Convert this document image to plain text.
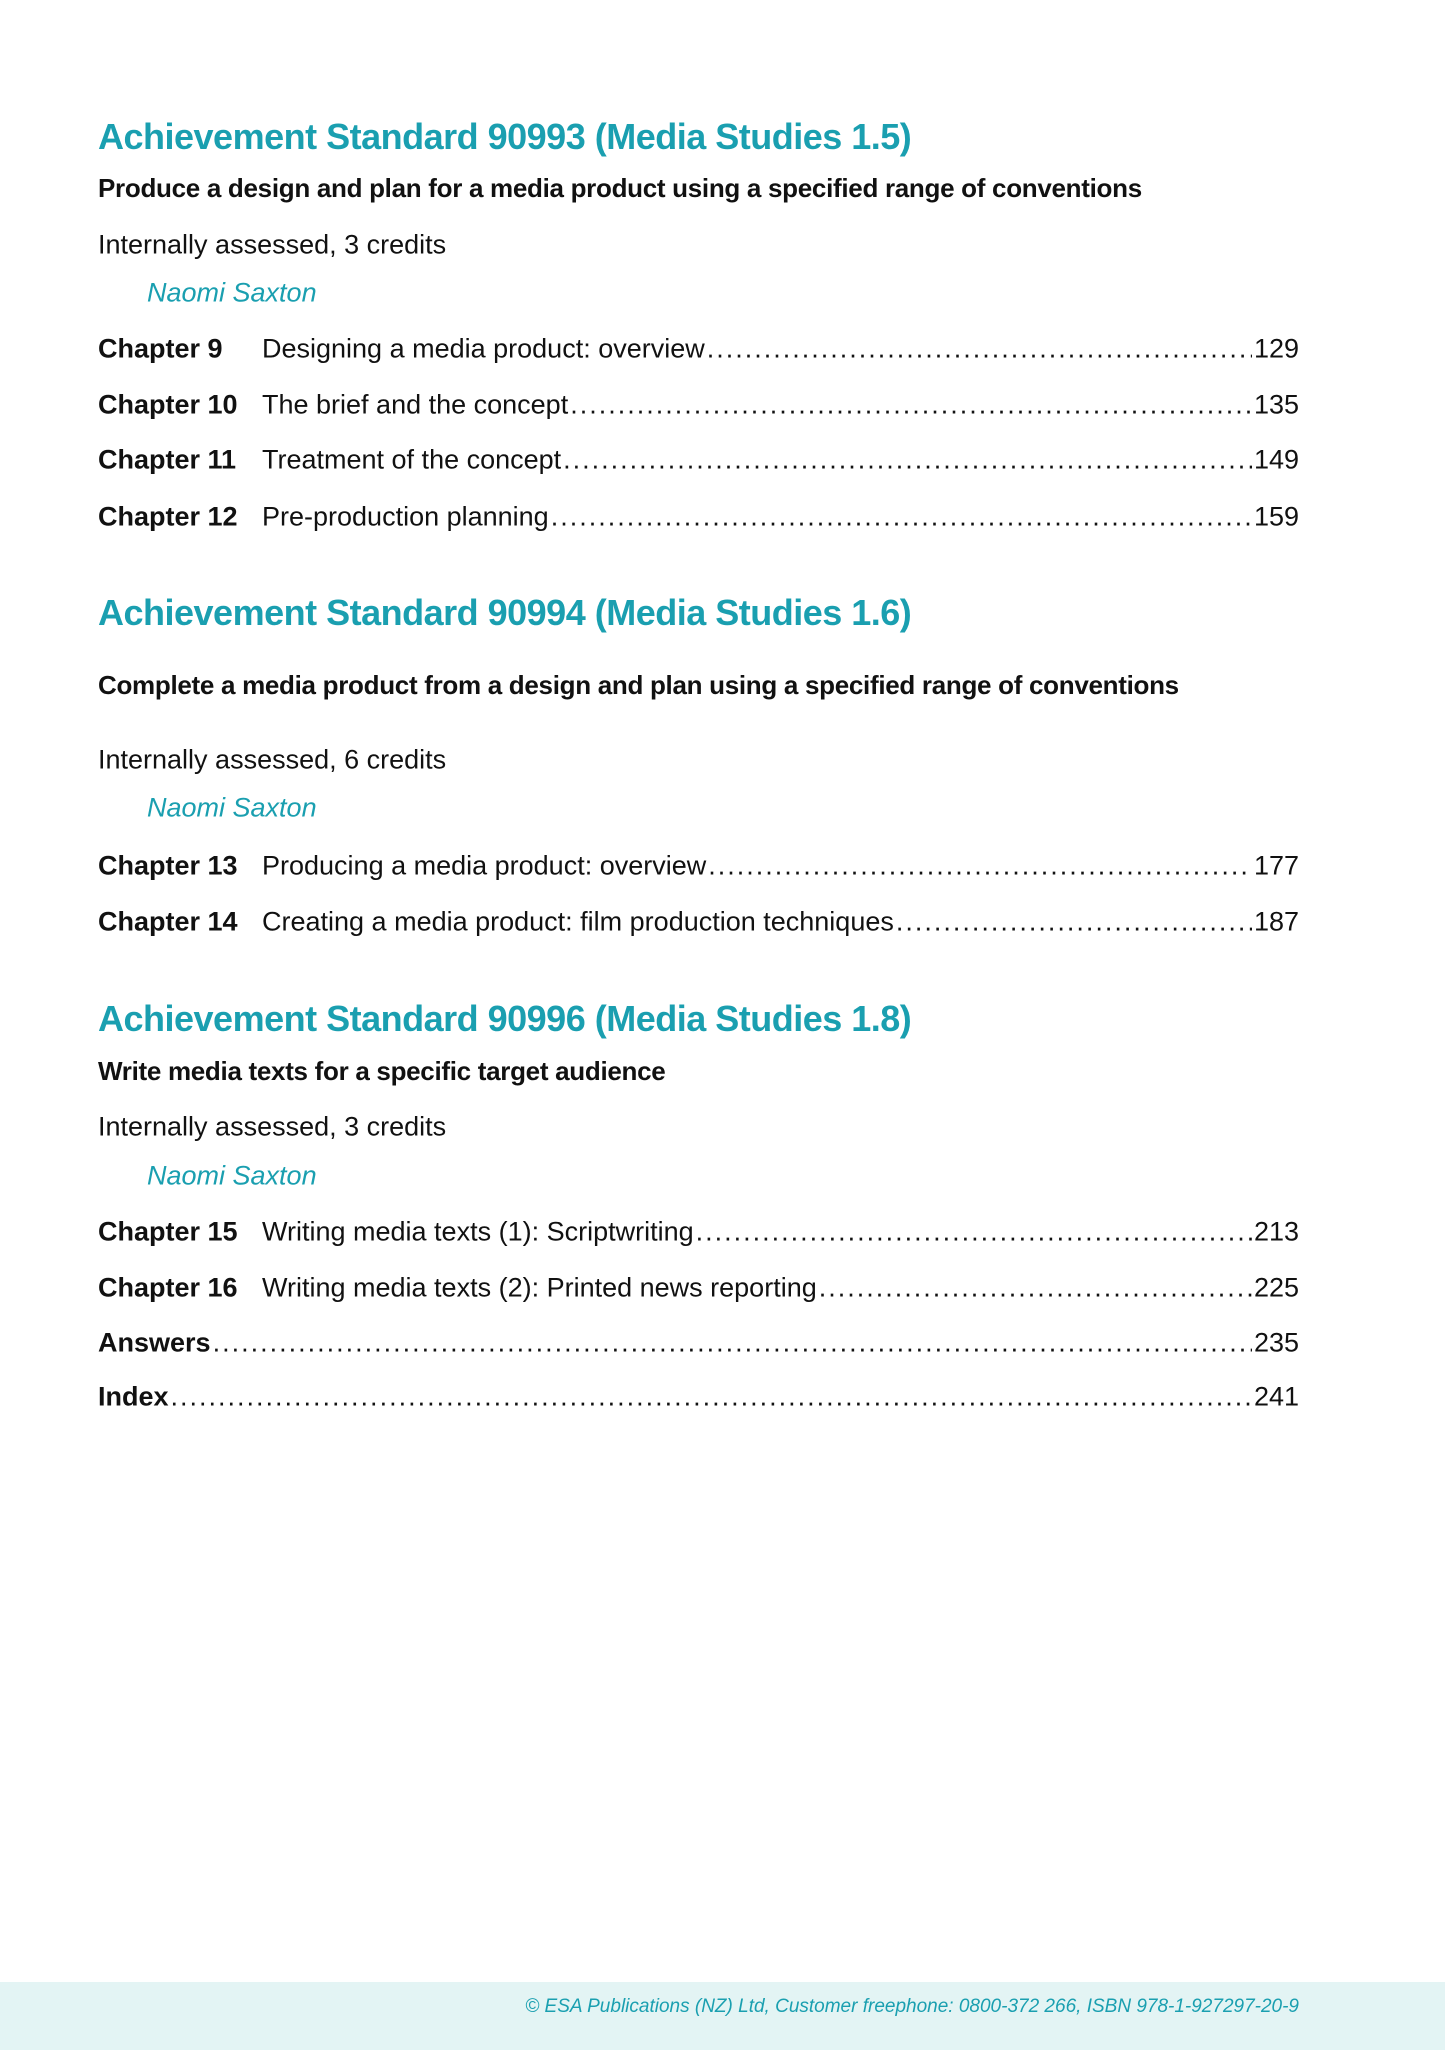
Achievement Standard 90993 (Media Studies 1.5)
Produce a design and plan for a media product using a specified range of conventions
Internally assessed, 3 credits
Naomi Saxton
Chapter 9	Designing a media product: overview .....	129
Chapter 10 The brief and the concept .....	135
Chapter 11 Treatment of the concept .....	149
Chapter 12 Pre-production planning .....	159
Achievement Standard 90994 (Media Studies 1.6)
Complete a media product from a design and plan using a specified range of conventions
Internally assessed, 6 credits
Naomi Saxton
Chapter 13 Producing a media product: overview .....	177
Chapter 14 Creating a media product: film production techniques .....	187
Achievement Standard 90996 (Media Studies 1.8)
Write media texts for a specific target audience
Internally assessed, 3 credits
Naomi Saxton
Chapter 15 Writing media texts (1): Scriptwriting .....	213
Chapter 16 Writing media texts (2): Printed news reporting .....	225
Answers .....	235
Index .....	241
© ESA Publications (NZ) Ltd, Customer freephone: 0800-372 266, ISBN 978-1-927297-20-9
